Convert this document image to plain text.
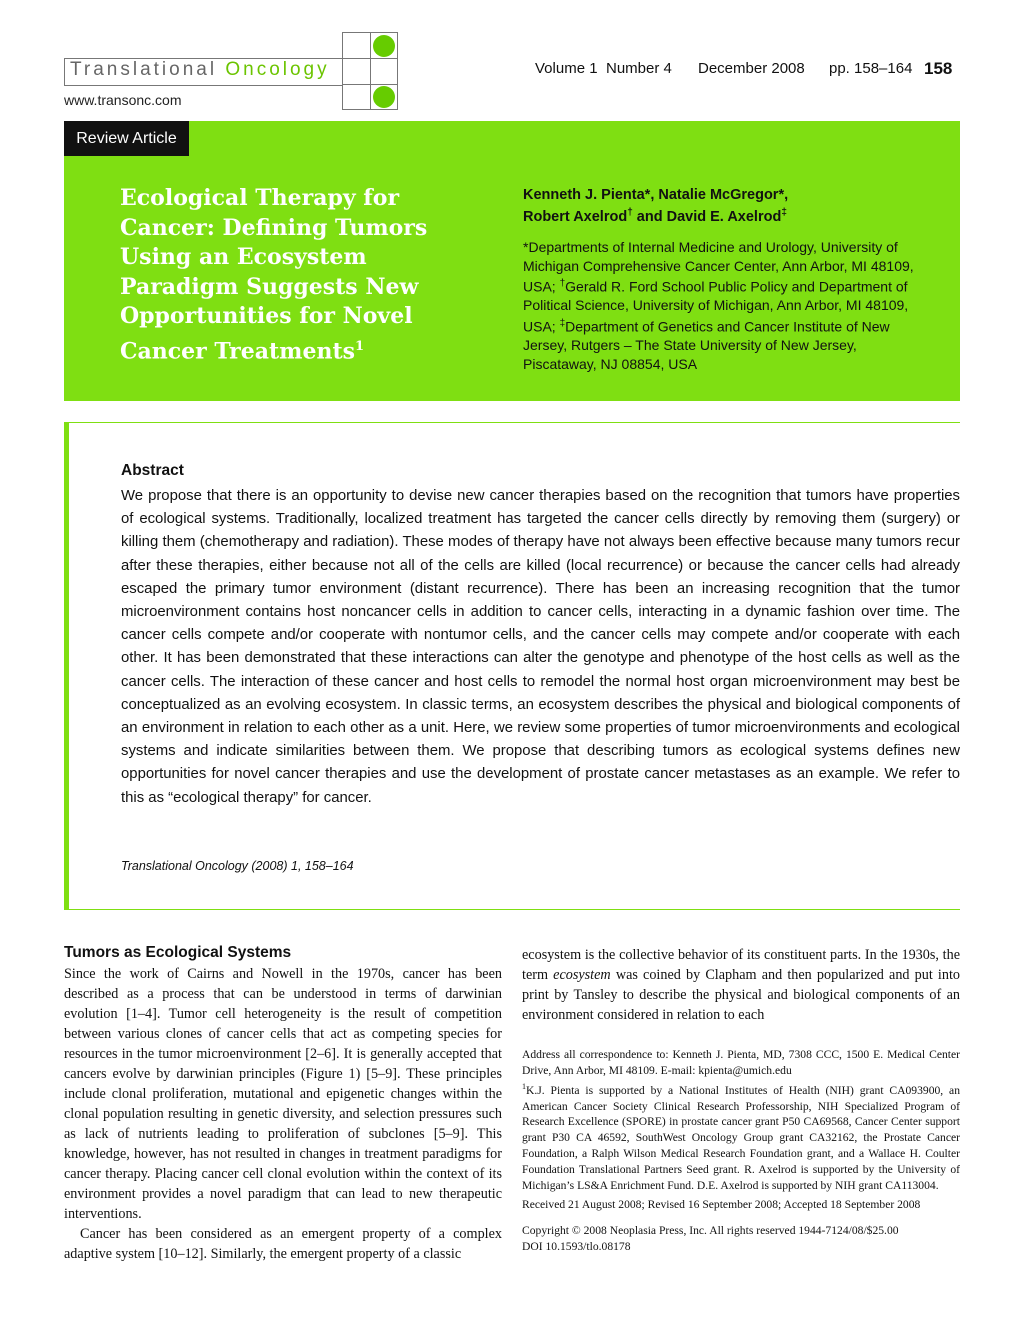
Translational Oncology
www.transonc.com
Volume 1 Number 4 December 2008 pp. 158–164 158
Review Article
Ecological Therapy for Cancer: Defining Tumors Using an Ecosystem Paradigm Suggests New Opportunities for Novel Cancer Treatments$^1$
Kenneth J. Pienta*, Natalie McGregor*,
Robert Axelrod† and David E. Axelrod‡
*Departments of Internal Medicine and Urology, University of Michigan Comprehensive Cancer Center, Ann Arbor, MI 48109, USA; †Gerald R. Ford School Public Policy and Department of Political Science, University of Michigan, Ann Arbor, MI 48109, USA; ‡Department of Genetics and Cancer Institute of New Jersey, Rutgers – The State University of New Jersey, Piscataway, NJ 08854, USA
Abstract
We propose that there is an opportunity to devise new cancer therapies based on the recognition that tumors have properties of ecological systems. Traditionally, localized treatment has targeted the cancer cells directly by removing them (surgery) or killing them (chemotherapy and radiation). These modes of therapy have not always been effective because many tumors recur after these therapies, either because not all of the cells are killed (local recurrence) or because the cancer cells had already escaped the primary tumor environment (distant recurrence). There has been an increasing recognition that the tumor microenvironment contains host noncancer cells in addition to cancer cells, interacting in a dynamic fashion over time. The cancer cells compete and/or cooperate with nontumor cells, and the cancer cells may compete and/or cooperate with each other. It has been demonstrated that these interactions can alter the genotype and phenotype of the host cells as well as the cancer cells. The interaction of these cancer and host cells to remodel the normal host organ microenvironment may best be conceptualized as an evolving ecosystem. In classic terms, an ecosystem describes the physical and biological components of an environment in relation to each other as a unit. Here, we review some properties of tumor microenvironments and ecological systems and indicate similarities between them. We propose that describing tumors as ecological systems defines new opportunities for novel cancer therapies and use the development of prostate cancer metastases as an example. We refer to this as “ecological therapy” for cancer.
Translational Oncology (2008) 1, 158–164
Tumors as Ecological Systems

Since the work of Cairns and Nowell in the 1970s, cancer has been described as a process that can be understood in terms of darwinian evolution [1–4]. Tumor cell heterogeneity is the result of competition between various clones of cancer cells that act as competing species for resources in the tumor microenvironment [2–6]. It is generally accepted that cancers evolve by darwinian principles (Figure 1) [5–9]. These principles include clonal proliferation, mutational and epigenetic changes within the clonal population resulting in genetic diversity, and selection pressures such as lack of nutrients leading to proliferation of subclones [5–9]. This knowledge, however, has not resulted in changes in treatment paradigms for cancer therapy. Placing cancer cell clonal evolution within the context of its environment provides a novel paradigm that can lead to new therapeutic interventions.

Cancer has been considered as an emergent property of a complex adaptive system [10–12]. Similarly, the emergent property of a classic

ecosystem is the collective behavior of its constituent parts. In the 1930s, the term ecosystem was coined by Clapham and then popularized and put into print by Tansley to describe the physical and biological components of an environment considered in relation to each

Address all correspondence to: Kenneth J. Pienta, MD, 7308 CCC, 1500 E. Medical Center Drive, Ann Arbor, MI 48109. E-mail: kpienta@umich.edu

$^1$K.J. Pienta is supported by a National Institutes of Health (NIH) grant CA093900, an American Cancer Society Clinical Research Professorship, NIH Specialized Program of Research Excellence (SPORE) in prostate cancer grant P50 CA69568, Cancer Center support grant P30 CA 46592, SouthWest Oncology Group grant CA32162, the Prostate Cancer Foundation, a Ralph Wilson Medical Research Foundation grant, and a Wallace H. Coulter Foundation Translational Partners Seed grant. R. Axelrod is supported by the University of Michigan’s LS&A Enrichment Fund. D.E. Axelrod is supported by NIH grant CA113004.

Received 21 August 2008; Revised 16 September 2008; Accepted 18 September 2008

Copyright © 2008 Neoplasia Press, Inc. All rights reserved 1944-7124/08/$25.00

DOI 10.1593/tlo.08178
